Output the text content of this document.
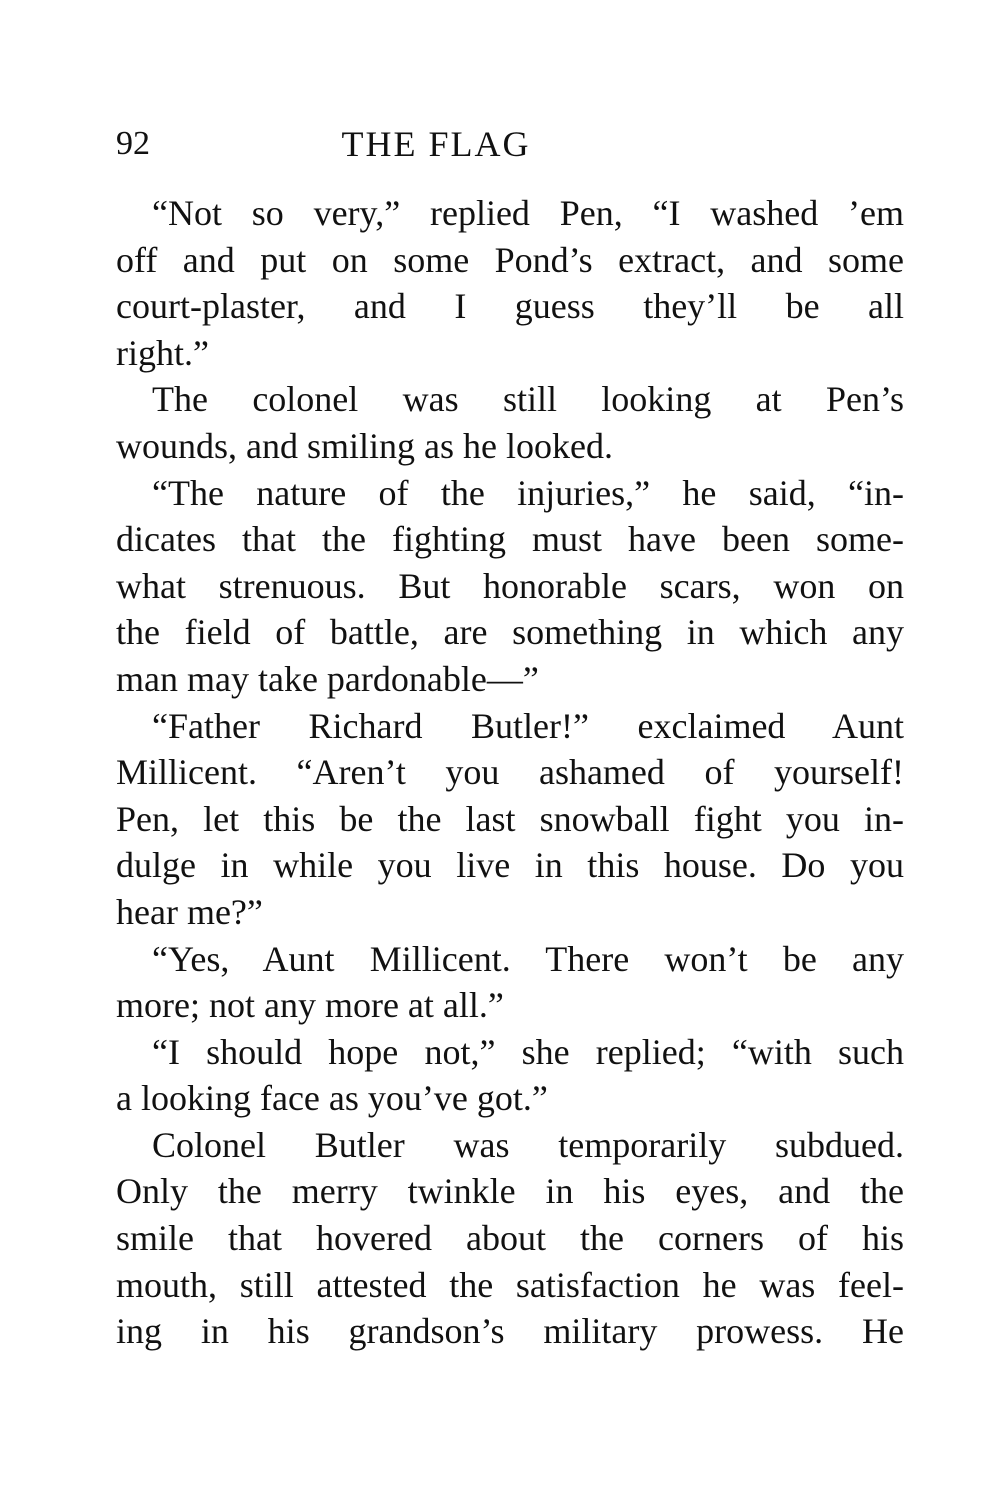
92	THE FLAG
“Not so very,” replied Pen, “I washed ’em
off and put on some Pond’s extract, and some
court-plaster, and I guess they’ll be all
right.”
The colonel was still looking at Pen’s
wounds, and smiling as he looked.
“The nature of the injuries,” he said, “in-
dicates that the fighting must have been some-
what strenuous. But honorable scars, won on
the field of battle, are something in which any
man may take pardonable—”
“Father Richard Butler!” exclaimed Aunt
Millicent. “Aren’t you ashamed of yourself!
Pen, let this be the last snowball fight you in-
dulge in while you live in this house. Do you
hear me?”
“Yes, Aunt Millicent. There won’t be any
more; not any more at all.”
“I should hope not,” she replied; “with such
a looking face as you’ve got.”
Colonel Butler was temporarily subdued.
Only the merry twinkle in his eyes, and the
smile that hovered about the corners of his
mouth, still attested the satisfaction he was feel-
ing in his grandson’s military prowess. He
